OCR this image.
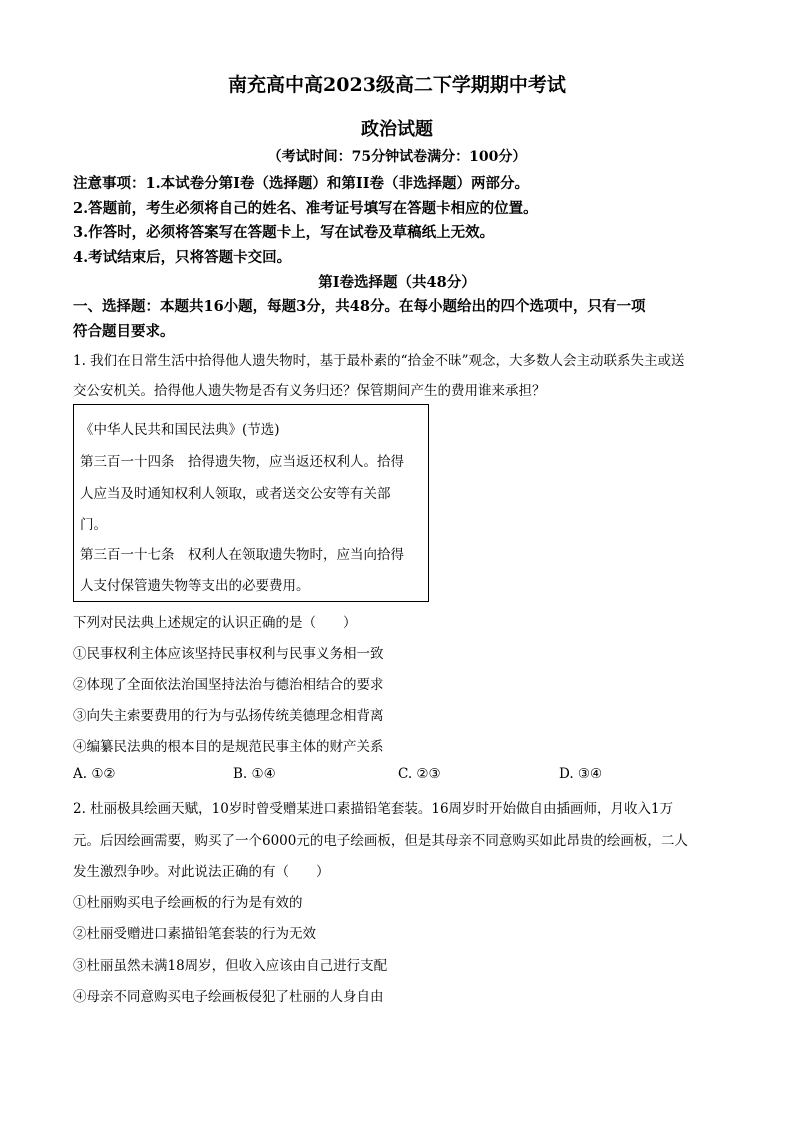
南充高中高2023级高二下学期期中考试
政治试题
（考试时间：75分钟试卷满分：100分）
注意事项：1.本试卷分第Ⅰ卷（选择题）和第II卷（非选择题）两部分。
2.答题前，考生必须将自己的姓名、准考证号填写在答题卡相应的位置。
3.作答时，必须将答案写在答题卡上，写在试卷及草稿纸上无效。
4.考试结束后，只将答题卡交回。
第Ⅰ卷选择题（共48分）
一、选择题：本题共16小题，每题3分，共48分。在每小题给出的四个选项中，只有一项
符合题目要求。
1. 我们在日常生活中拾得他人遗失物时，基于最朴素的“拾金不昧”观念，大多数人会主动联系失主或送
交公安机关。拾得他人遗失物是否有义务归还？保管期间产生的费用谁来承担？
《中华人民共和国民法典》(节选)
第三百一十四条　拾得遗失物，应当返还权利人。拾得
人应当及时通知权利人领取，或者送交公安等有关部
门。
第三百一十七条　权利人在领取遗失物时，应当向拾得
人支付保管遗失物等支出的必要费用。
下列对民法典上述规定的认识正确的是（　　）
①民事权利主体应该坚持民事权利与民事义务相一致
②体现了全面依法治国坚持法治与德治相结合的要求
③向失主索要费用的行为与弘扬传统美德理念相背离
④编纂民法典的根本目的是规范民事主体的财产关系
A. ①②	B. ①④	C. ②③	D. ③④
2. 杜丽极具绘画天赋，10岁时曾受赠某进口素描铅笔套装。16周岁时开始做自由插画师，月收入1万
元。后因绘画需要，购买了一个6000元的电子绘画板，但是其母亲不同意购买如此昂贵的绘画板，二人
发生激烈争吵。对此说法正确的有（　　）
①杜丽购买电子绘画板的行为是有效的
②杜丽受赠进口素描铅笔套装的行为无效
③杜丽虽然未满18周岁，但收入应该由自己进行支配
④母亲不同意购买电子绘画板侵犯了杜丽的人身自由
